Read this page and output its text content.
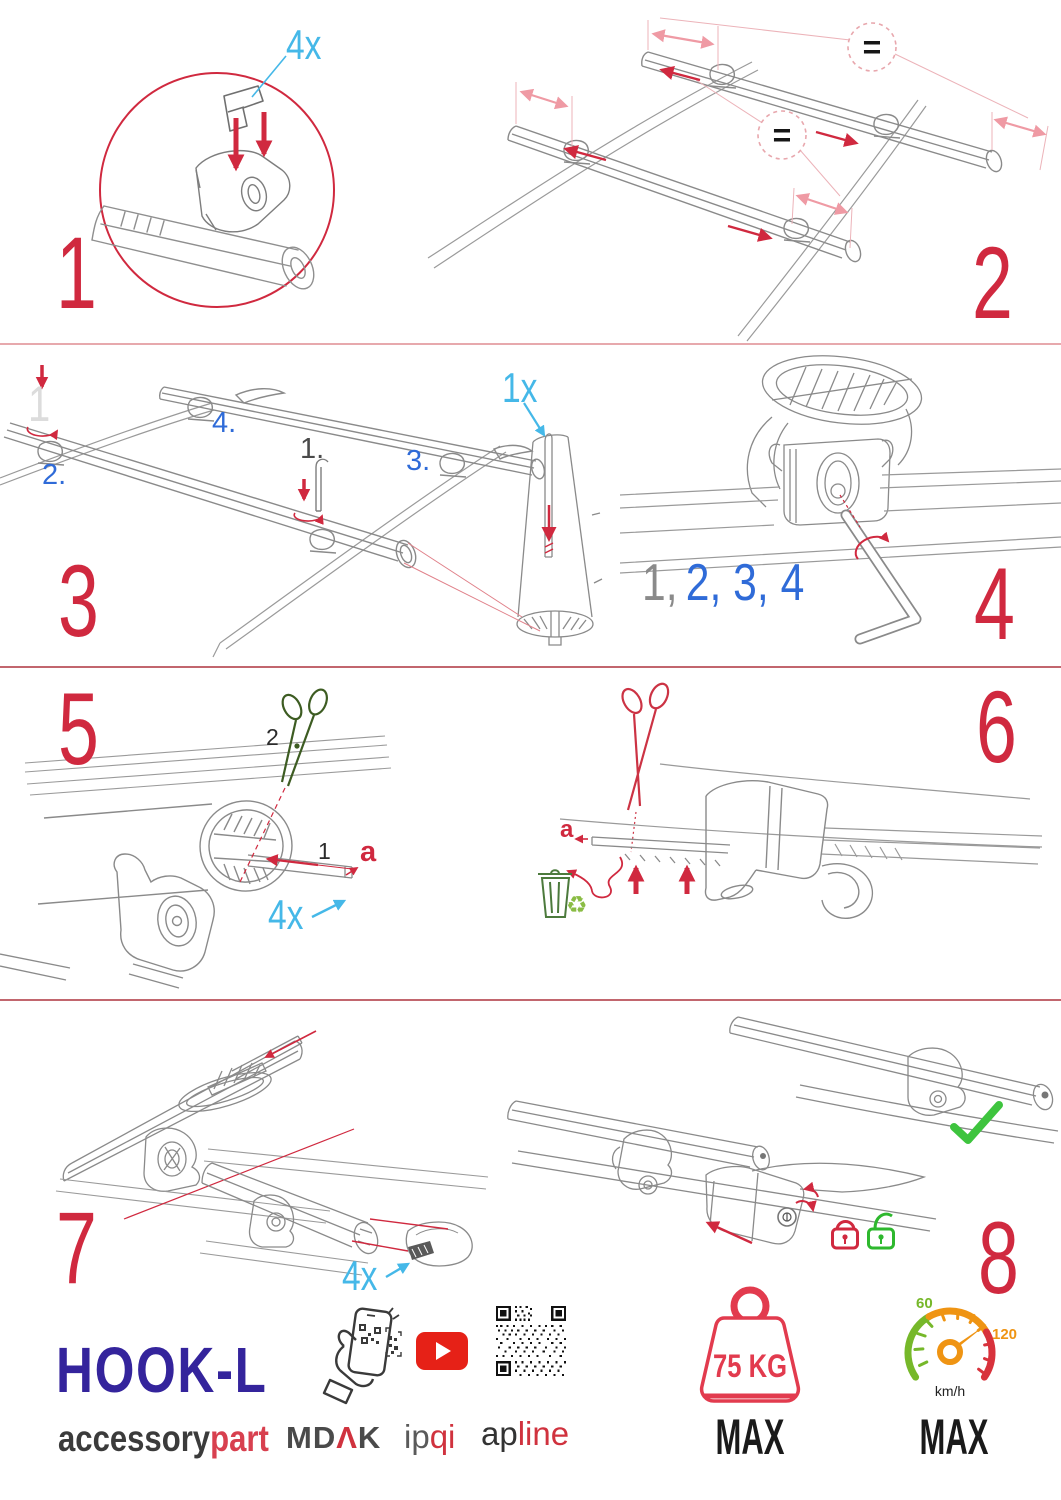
1
4x	=
=
2
1
1.
2.	3.
4.
1x
3	1, 2, 3, 4 4
5	2
1 a
4x
a
♻
6
7	4x	8
HOOK-L
accessorypart MDΛK ipqi apline
75 KG
MAX
60
120
km/h
MAX
